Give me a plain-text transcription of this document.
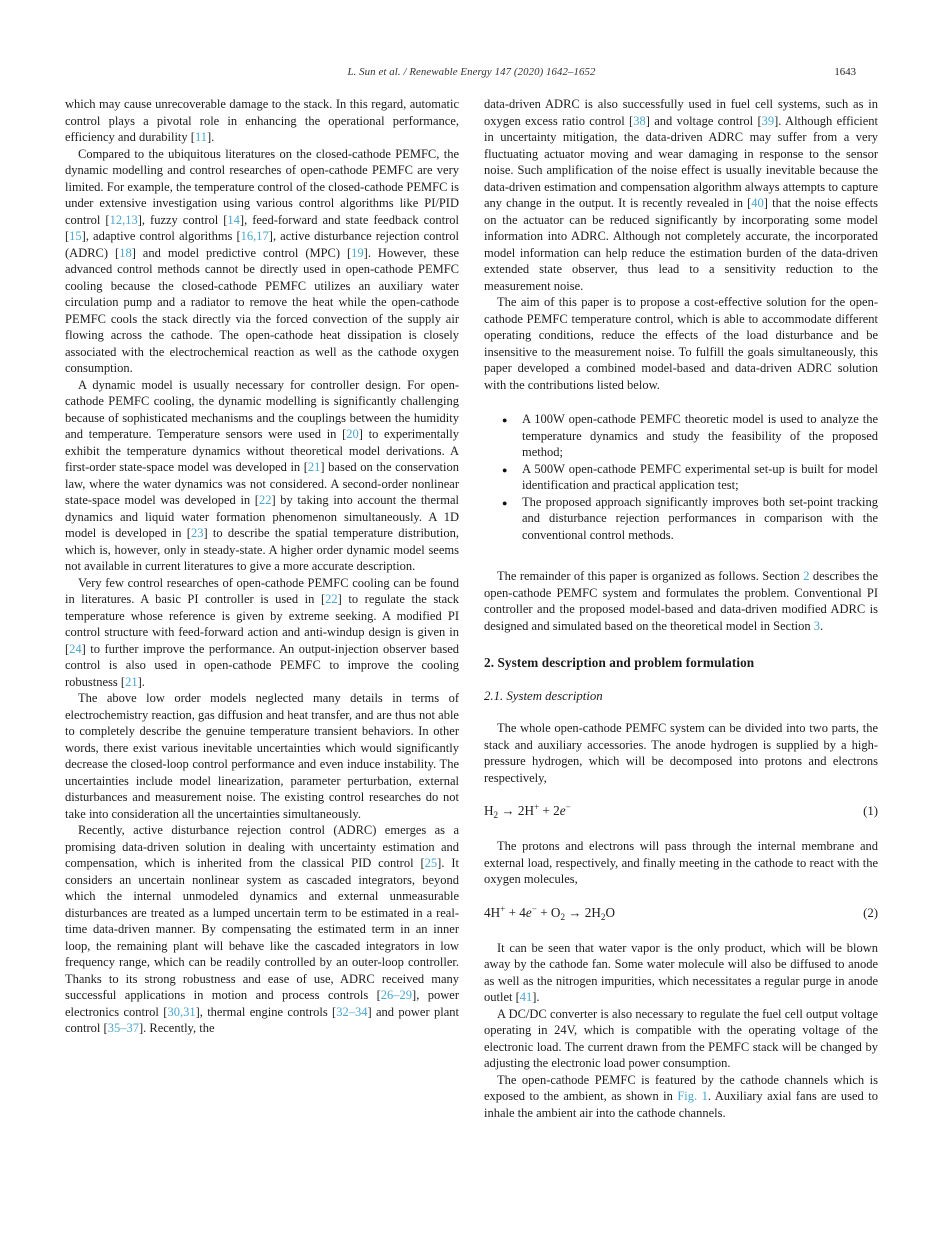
L. Sun et al. / Renewable Energy 147 (2020) 1642–1652	1643

which may cause unrecoverable damage to the stack. In this regard, automatic control plays a pivotal role in enhancing the operational performance, efficiency and durability [11].

Compared to the ubiquitous literatures on the closed-cathode PEMFC, the dynamic modelling and control researches of open-cathode PEMFC are very limited. For example, the temperature control of the closed-cathode PEMFC is under extensive investigation using various control algorithms like PI/PID control [12,13], fuzzy control [14], feed-forward and state feedback control [15], adaptive control algorithms [16,17], active disturbance rejection control (ADRC) [18] and model predictive control (MPC) [19]. However, these advanced control methods cannot be directly used in open-cathode PEMFC cooling because the closed-cathode PEMFC utilizes an auxiliary water circulation pump and a radiator to remove the heat while the open-cathode PEMFC cools the stack directly via the forced convection of the supply air flowing across the cathode. The open-cathode heat dissipation is closely associated with the electrochemical reaction as well as the cathode oxygen consumption.

A dynamic model is usually necessary for controller design. For open-cathode PEMFC cooling, the dynamic modelling is significantly challenging because of sophisticated mechanisms and the couplings between the humidity and temperature. Temperature sensors were used in [20] to experimentally exhibit the temperature dynamics without theoretical model derivations. A first-order state-space model was developed in [21] based on the conservation law, where the water dynamics was not considered. A second-order nonlinear state-space model was developed in [22] by taking into account the thermal dynamics and liquid water formation phenomenon simultaneously. A 1D model is developed in [23] to describe the spatial temperature distribution, which is, however, only in steady-state. A higher order dynamic model seems not available in current literatures to give a more accurate description.

Very few control researches of open-cathode PEMFC cooling can be found in literatures. A basic PI controller is used in [22] to regulate the stack temperature whose reference is given by extreme seeking. A modified PI control structure with feed-forward action and anti-windup design is given in [24] to further improve the performance. An output-injection observer based control is also used in open-cathode PEMFC to improve the cooling robustness [21].

The above low order models neglected many details in terms of electrochemistry reaction, gas diffusion and heat transfer, and are thus not able to completely describe the genuine temperature transient behaviors. In other words, there exist various inevitable uncertainties which would significantly decrease the closed-loop control performance and even induce instability. The uncertainties include model linearization, parameter perturbation, external disturbances and measurement noise. The existing control researches do not take into consideration all the uncertainties simultaneously.

Recently, active disturbance rejection control (ADRC) emerges as a promising data-driven solution in dealing with uncertainty estimation and compensation, which is inherited from the classical PID control [25]. It considers an uncertain nonlinear system as cascaded integrators, beyond which the internal unmodeled dynamics and external unmeasurable disturbances are treated as a lumped uncertain term to be estimated in a real-time data-driven manner. By compensating the estimated term in an inner loop, the remaining plant will behave like the cascaded integrators in low frequency range, which can be readily controlled by an outer-loop controller. Thanks to its strong robustness and ease of use, ADRC received many successful applications in motion and process controls [26–29], power electronics control [30,31], thermal engine controls [32–34] and power plant control [35–37]. Recently, the

data-driven ADRC is also successfully used in fuel cell systems, such as in oxygen excess ratio control [38] and voltage control [39]. Although efficient in uncertainty mitigation, the data-driven ADRC may suffer from a very fluctuating actuator moving and wear damaging in response to the sensor noise. Such amplification of the noise effect is usually inevitable because the data-driven estimation and compensation algorithm always attempts to capture any change in the output. It is recently revealed in [40] that the noise effects on the actuator can be reduced significantly by incorporating some model information into ADRC. Although not completely accurate, the incorporated model information can help reduce the estimation burden of the data-driven extended state observer, thus lead to a sensitivity reduction to the measurement noise.

The aim of this paper is to propose a cost-effective solution for the open-cathode PEMFC temperature control, which is able to accommodate different operating conditions, reduce the effects of the load disturbance and be insensitive to the measurement noise. To fulfill the goals simultaneously, this paper developed a combined model-based and data-driven ADRC solution with the contributions listed below.

● A 100W open-cathode PEMFC theoretic model is used to analyze the temperature dynamics and study the feasibility of the proposed method;
● A 500W open-cathode PEMFC experimental set-up is built for model identification and practical application test;
● The proposed approach significantly improves both set-point tracking and disturbance rejection performances in comparison with the conventional control methods.

The remainder of this paper is organized as follows. Section 2 describes the open-cathode PEMFC system and formulates the problem. Conventional PI controller and the proposed model-based and data-driven modified ADRC is designed and simulated based on the theoretical model in Section 3.

2. System description and problem formulation
2.1. System description

The whole open-cathode PEMFC system can be divided into two parts, the stack and auxiliary accessories. The anode hydrogen is supplied by a high-pressure hydrogen, which will be decomposed into protons and electrons respectively,

$H_2 \to 2H^+ + 2e^-$	(1)

The protons and electrons will pass through the internal membrane and external load, respectively, and finally meeting in the cathode to react with the oxygen molecules,

$4H^+ + 4e^- + O_2 \to 2H_2O$	(2)

It can be seen that water vapor is the only product, which will be blown away by the cathode fan. Some water molecule will also be diffused to anode as well as the nitrogen impurities, which necessitates a regular purge in anode outlet [41].

A DC/DC converter is also necessary to regulate the fuel cell output voltage operating in 24V, which is compatible with the operating voltage of the electronic load. The current drawn from the PEMFC stack will be changed by adjusting the electronic load power consumption.

The open-cathode PEMFC is featured by the cathode channels which is exposed to the ambient, as shown in Fig. 1. Auxiliary axial fans are used to inhale the ambient air into the cathode channels.
